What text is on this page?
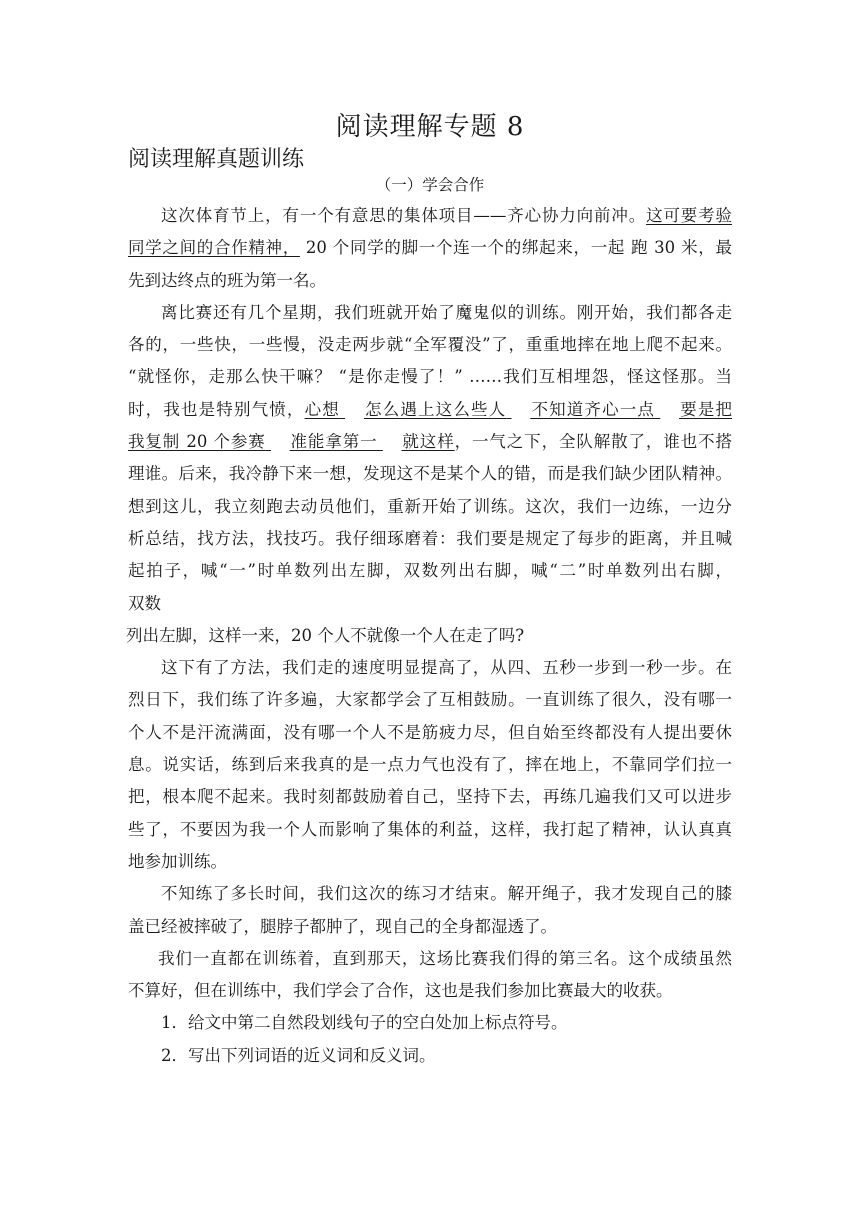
阅读理解专题 8
阅读理解真题训练
（一）学会合作

这次体育节上，有一个有意思的集体项目——齐心协力向前冲。这可要考验
同学之间的合作精神， 20 个同学的脚一个连一个的绑起来，一起 跑 30 米，最
先到达终点的班为第一名。

离比赛还有几个星期，我们班就开始了魔鬼似的训练。刚开始，我们都各走
各的，一些快，一些慢，没走两步就“全军覆没”了，重重地摔在地上爬不起来。
“就怪你，走那么快干嘛？ “是你走慢了！” ……我们互相埋怨，怪这怪那。当
时，我也是特别气愤，心想 怎么遇上这么些人 不知道齐心一点 要是把
我复制 20 个参赛 准能拿第一 就这样，一气之下，全队解散了，谁也不搭
理谁。后来，我冷静下来一想，发现这不是某个人的错，而是我们缺少团队精神。
想到这儿，我立刻跑去动员他们，重新开始了训练。这次，我们一边练，一边分
析总结，找方法，找技巧。我仔细琢磨着：我们要是规定了每步的距离，并且喊
起拍子，喊“一”时单数列出左脚，双数列出右脚，喊“二”时单数列出右脚，
双数
列出左脚，这样一来，20 个人不就像一个人在走了吗?

这下有了方法，我们走的速度明显提高了，从四、五秒一步到一秒一步。在
烈日下，我们练了许多遍，大家都学会了互相鼓励。一直训练了很久，没有哪一
个人不是汗流满面，没有哪一个人不是筋疲力尽，但自始至终都没有人提出要休
息。说实话，练到后来我真的是一点力气也没有了，摔在地上，不靠同学们拉一
把，根本爬不起来。我时刻都鼓励着自己，坚持下去，再练几遍我们又可以进步
些了，不要因为我一个人而影响了集体的利益，这样，我打起了精神，认认真真
地参加训练。

不知练了多长时间，我们这次的练习才结束。解开绳子，我才发现自己的膝
盖已经被摔破了，腿脖子都肿了，现自己的全身都湿透了。

我们一直都在训练着，直到那天，这场比赛我们得的第三名。这个成绩虽然
不算好，但在训练中，我们学会了合作，这也是我们参加比赛最大的收获。

1．给文中第二自然段划线句子的空白处加上标点符号。

2．写出下列词语的近义词和反义词。
